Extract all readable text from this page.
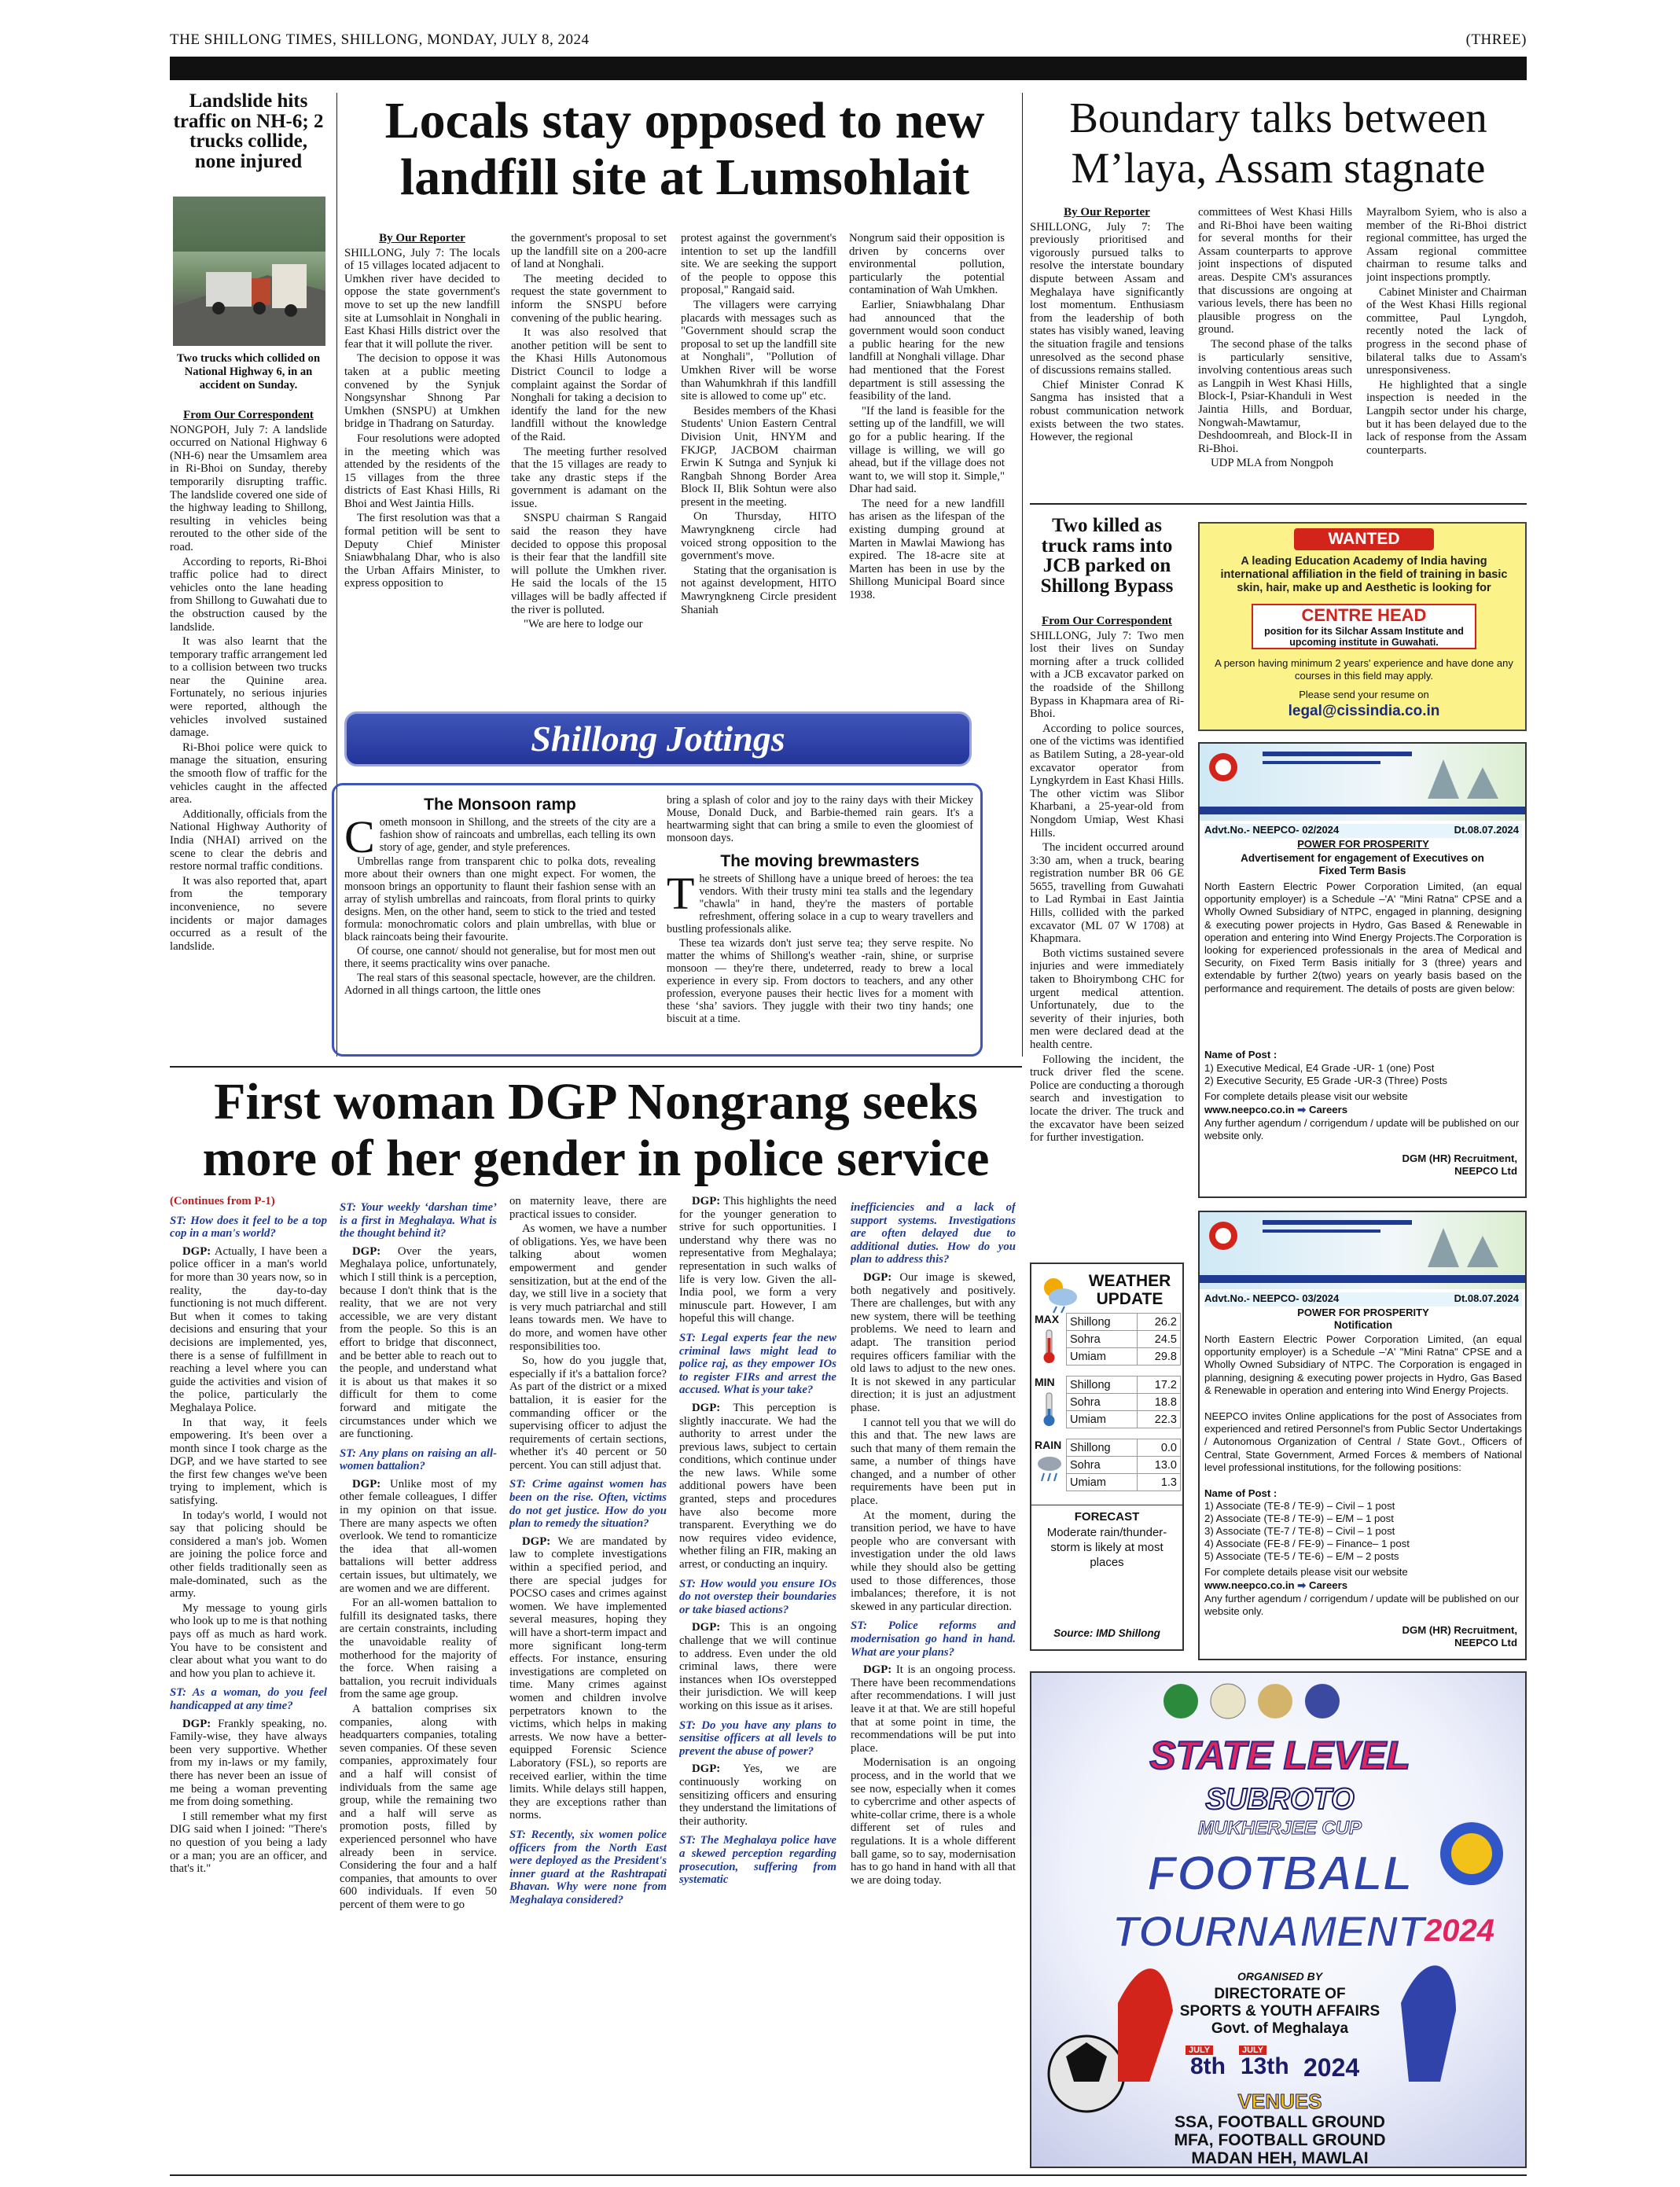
THE SHILLONG TIMES, SHILLONG, MONDAY, JULY 8, 2024	(THREE)
Landslide hits traffic on NH-6; 2 trucks collide, none injured
Two trucks which collided on National Highway 6, in an accident on Sunday.

From Our Correspondent

NONGPOH, July 7: A landslide occurred on National Highway 6 (NH-6) near the Umsamlem area in Ri-Bhoi on Sunday, thereby temporarily disrupting traffic. The landslide covered one side of the highway leading to Shillong, resulting in vehicles being rerouted to the other side of the road.

According to reports, Ri-Bhoi traffic police had to direct vehicles onto the lane heading from Shillong to Guwahati due to the obstruction caused by the landslide.

It was also learnt that the temporary traffic arrangement led to a collision between two trucks near the Quinine area. Fortunately, no serious injuries were reported, although the vehicles involved sustained damage.

Ri-Bhoi police were quick to manage the situation, ensuring the smooth flow of traffic for the vehicles caught in the affected area.

Additionally, officials from the National Highway Authority of India (NHAI) arrived on the scene to clear the debris and restore normal traffic conditions.

It was also reported that, apart from the temporary inconvenience, no severe incidents or major damages occurred as a result of the landslide.

Locals stay opposed to new landfill site at Lumsohlait

By Our Reporter

SHILLONG, July 7: The locals of 15 villages located adjacent to Umkhen river have decided to oppose the state government's move to set up the new landfill site at Lumsohlait in Nonghali in East Khasi Hills district over the fear that it will pollute the river.

The decision to oppose it was taken at a public meeting convened by the Synjuk Nongsynshar Shnong Par Umkhen (SNSPU) at Umkhen bridge in Thadrang on Saturday.

Four resolutions were adopted in the meeting which was attended by the residents of the 15 villages from the three districts of East Khasi Hills, Ri Bhoi and West Jaintia Hills.

The first resolution was that a formal petition will be sent to Deputy Chief Minister Sniawbhalang Dhar, who is also the Urban Affairs Minister, to express opposition to

the government's proposal to set up the landfill site on a 200-acre of land at Nonghali.

The meeting decided to request the state government to inform the SNSPU before convening of the public hearing.

It was also resolved that another petition will be sent to the Khasi Hills Autonomous District Council to lodge a complaint against the Sordar of Nonghali for taking a decision to identify the land for the new landfill without the knowledge of the Raid.

The meeting further resolved that the 15 villages are ready to take any drastic steps if the government is adamant on the issue.

SNSPU chairman S Rangaid said the reason they have decided to oppose this proposal is their fear that the landfill site will pollute the Umkhen river. He said the locals of the 15 villages will be badly affected if the river is polluted.

"We are here to lodge our

protest against the government's intention to set up the landfill site. We are seeking the support of the people to oppose this proposal," Rangaid said.

The villagers were carrying placards with messages such as "Government should scrap the proposal to set up the landfill site at Nonghali", "Pollution of Umkhen River will be worse than Wahumkhrah if this landfill site is allowed to come up" etc.

Besides members of the Khasi Students' Union Eastern Central Division Unit, HNYM and FKJGP, JACBOM chairman Erwin K Sutnga and Synjuk ki Rangbah Shnong Border Area Block II, Blik Sohtun were also present in the meeting.

On Thursday, HITO Mawryngkneng circle had voiced strong opposition to the government's move.

Stating that the organisation is not against development, HITO Mawryngkneng Circle president Shaniah

Nongrum said their opposition is driven by concerns over environmental pollution, particularly the potential contamination of Wah Umkhen.

Earlier, Sniawbhalang Dhar had announced that the government would soon conduct a public hearing for the new landfill at Nonghali village. Dhar had mentioned that the Forest department is still assessing the feasibility of the land.

"If the land is feasible for the setting up of the landfill, we will go for a public hearing. If the village is willing, we will go ahead, but if the village does not want to, we will stop it. Simple," Dhar had said.

The need for a new landfill has arisen as the lifespan of the existing dumping ground at Marten in Mawlai Mawiong has expired. The 18-acre site at Marten has been in use by the Shillong Municipal Board since 1938.

Boundary talks between M’laya, Assam stagnate

By Our Reporter

SHILLONG, July 7: The previously prioritised and vigorously pursued talks to resolve the interstate boundary dispute between Assam and Meghalaya have significantly lost momentum. Enthusiasm from the leadership of both states has visibly waned, leaving the situation fragile and tensions unresolved as the second phase of discussions remains stalled.

Chief Minister Conrad K Sangma has insisted that a robust communication network exists between the two states. However, the regional

committees of West Khasi Hills and Ri-Bhoi have been waiting for several months for their Assam counterparts to approve joint inspections of disputed areas. Despite CM's assurances that discussions are ongoing at various levels, there has been no plausible progress on the ground.

The second phase of the talks is particularly sensitive, involving contentious areas such as Langpih in West Khasi Hills, Block-I, Psiar-Khanduli in West Jaintia Hills, and Borduar, Nongwah-Mawtamur, Deshdoomreah, and Block-II in Ri-Bhoi.

UDP MLA from Nongpoh

Mayralbom Syiem, who is also a member of the Ri-Bhoi district regional committee, has urged the Assam regional committee chairman to resume talks and joint inspections promptly.

Cabinet Minister and Chairman of the West Khasi Hills regional committee, Paul Lyngdoh, recently noted the lack of progress in the second phase of bilateral talks due to Assam's unresponsiveness.

He highlighted that a single inspection is needed in the Langpih sector under his charge, but it has been delayed due to the lack of response from the Assam counterparts.

Two killed as truck rams into JCB parked on Shillong Bypass

From Our Correspondent

SHILLONG, July 7: Two men lost their lives on Sunday morning after a truck collided with a JCB excavator parked on the roadside of the Shillong Bypass in Khapmara area of Ri-Bhoi.

According to police sources, one of the victims was identified as Batilem Suting, a 28-year-old excavator operator from Lyngkyrdem in East Khasi Hills. The other victim was Slibor Kharbani, a 25-year-old from Nongdom Umiap, West Khasi Hills.

The incident occurred around 3:30 am, when a truck, bearing registration number BR 06 GE 5655, travelling from Guwahati to Lad Rymbai in East Jaintia Hills, collided with the parked excavator (ML 07 W 1708) at Khapmara.

Both victims sustained severe injuries and were immediately taken to Bhoirymbong CHC for urgent medical attention. Unfortunately, due to the severity of their injuries, both men were declared dead at the health centre.

Following the incident, the truck driver fled the scene. Police are conducting a thorough search and investigation to locate the driver. The truck and the excavator have been seized for further investigation.

Shillong Jottings
The Monsoon ramp
C ometh monsoon in Shillong, and the streets of the city are a fashion show of raincoats and umbrellas, each telling its own story of age, gender, and style preferences.

Umbrellas range from transparent chic to polka dots, revealing more about their owners than one might expect. For women, the monsoon brings an opportunity to flaunt their fashion sense with an array of stylish umbrellas and raincoats, from floral prints to quirky designs. Men, on the other hand, seem to stick to the tried and tested formula: monochromatic colors and plain umbrellas, with blue or black raincoats being their favourite.

Of course, one cannot/ should not generalise, but for most men out there, it seems practicality wins over panache.

The real stars of this seasonal spectacle, however, are the children. Adorned in all things cartoon, the little ones

bring a splash of color and joy to the rainy days with their Mickey Mouse, Donald Duck, and Barbie-themed rain gears. It's a heartwarming sight that can bring a smile to even the gloomiest of monsoon days.

The moving brewmasters
T he streets of Shillong have a unique breed of heroes: the tea vendors. With their trusty mini tea stalls and the legendary "chawla" in hand, they're the masters of portable refreshment, offering solace in a cup to weary travellers and bustling professionals alike.

These tea wizards don't just serve tea; they serve respite. No matter the whims of Shillong's weather -rain, shine, or surprise monsoon — they're there, undeterred, ready to brew a local experience in every sip. From doctors to teachers, and any other profession, everyone pauses their hectic lives for a moment with these ‘sha’ saviors. They juggle with their two tiny hands; one biscuit at a time.

First woman DGP Nongrang seeks more of her gender in police service

(Continues from P-1)

ST: How does it feel to be a top cop in a man's world?

DGP: Actually, I have been a police officer in a man's world for more than 30 years now, so in reality, the day-to-day functioning is not much different. But when it comes to taking decisions and ensuring that your decisions are implemented, yes, there is a sense of fulfillment in reaching a level where you can guide the activities and vision of the police, particularly the Meghalaya Police.

In that way, it feels empowering. It's been over a month since I took charge as the DGP, and we have started to see the first few changes we've been trying to implement, which is satisfying.

In today's world, I would not say that policing should be considered a man's job. Women are joining the police force and other fields traditionally seen as male-dominated, such as the army.

My message to young girls who look up to me is that nothing pays off as much as hard work. You have to be consistent and clear about what you want to do and how you plan to achieve it.

ST: As a woman, do you feel handicapped at any time?

DGP: Frankly speaking, no. Family-wise, they have always been very supportive. Whether from my in-laws or my family, there has never been an issue of me being a woman preventing me from doing something.

I still remember what my first DIG said when I joined: "There's no question of you being a lady or a man; you are an officer, and that's it."

ST: Your weekly ‘darshan time’ is a first in Meghalaya. What is the thought behind it?

DGP: Over the years, Meghalaya police, unfortunately, which I still think is a perception, because I don't think that is the reality, that we are not very accessible, we are very distant from the people. So this is an effort to bridge that disconnect, and be better able to reach out to the people, and understand what it is about us that makes it so difficult for them to come forward and mitigate the circumstances under which we are functioning.

ST: Any plans on raising an all-women battalion?

DGP: Unlike most of my other female colleagues, I differ in my opinion on that issue. There are many aspects we often overlook. We tend to romanticize the idea that all-women battalions will better address certain issues, but ultimately, we are women and we are different.

For an all-women battalion to fulfill its designated tasks, there are certain constraints, including the unavoidable reality of motherhood for the majority of the force. When raising a battalion, you recruit individuals from the same age group.

A battalion comprises six companies, along with headquarters companies, totaling seven companies. Of these seven companies, approximately four and a half will consist of individuals from the same age group, while the remaining two and a half will serve as promotion posts, filled by experienced personnel who have already been in service. Considering the four and a half companies, that amounts to over 600 individuals. If even 50 percent of them were to go

on maternity leave, there are practical issues to consider.

As women, we have a number of obligations. Yes, we have been talking about women empowerment and gender sensitization, but at the end of the day, we still live in a society that is very much patriarchal and still leans towards men. We have to do more, and women have other responsibilities too.

So, how do you juggle that, especially if it's a battalion force? As part of the district or a mixed battalion, it is easier for the commanding officer or the supervising officer to adjust the requirements of certain sections, whether it's 40 percent or 50 percent. You can still adjust that.

ST: Crime against women has been on the rise. Often, victims do not get justice. How do you plan to remedy the situation?

DGP: We are mandated by law to complete investigations within a specified period, and there are special judges for POCSO cases and crimes against women. We have implemented several measures, hoping they will have a short-term impact and more significant long-term effects. For instance, ensuring investigations are completed on time. Many crimes against women and children involve perpetrators known to the victims, which helps in making arrests. We now have a better-equipped Forensic Science Laboratory (FSL), so reports are received earlier, within the time limits. While delays still happen, they are exceptions rather than norms.

ST: Recently, six women police officers from the North East were deployed as the President's inner guard at the Rashtrapati Bhavan. Why were none from Meghalaya considered?

DGP: This highlights the need for the younger generation to strive for such opportunities. I understand why there was no representative from Meghalaya; representation in such walks of life is very low. Given the all-India pool, we form a very minuscule part. However, I am hopeful this will change.

ST: Legal experts fear the new criminal laws might lead to police raj, as they empower IOs to register FIRs and arrest the accused. What is your take?

DGP: This perception is slightly inaccurate. We had the authority to arrest under the previous laws, subject to certain conditions, which continue under the new laws. While some additional powers have been granted, steps and procedures have also become more transparent. Everything we do now requires video evidence, whether filing an FIR, making an arrest, or conducting an inquiry.

ST: How would you ensure IOs do not overstep their boundaries or take biased actions?

DGP: This is an ongoing challenge that we will continue to address. Even under the old criminal laws, there were instances when IOs overstepped their jurisdiction. We will keep working on this issue as it arises.

ST: Do you have any plans to sensitise officers at all levels to prevent the abuse of power?

DGP: Yes, we are continuously working on sensitizing officers and ensuring they understand the limitations of their authority.

ST: The Meghalaya police have a skewed perception regarding prosecution, suffering from systematic

inefficiencies and a lack of support systems. Investigations are often delayed due to additional duties. How do you plan to address this?

DGP: Our image is skewed, both negatively and positively. There are challenges, but with any new system, there will be teething problems. We need to learn and adapt. The transition period requires officers familiar with the old laws to adjust to the new ones. It is not skewed in any particular direction; it is just an adjustment phase.

I cannot tell you that we will do this and that. The new laws are such that many of them remain the same, a number of things have changed, and a number of other requirements have been put in place.

At the moment, during the transition period, we have to have people who are conversant with investigation under the old laws while they should also be getting used to those differences, those imbalances; therefore, it is not skewed in any particular direction.

ST: Police reforms and modernisation go hand in hand. What are your plans?

DGP: It is an ongoing process. There have been recommendations after recommendations. I will just leave it at that. We are still hopeful that at some point in time, the recommendations will be put into place.

Modernisation is an ongoing process, and in the world that we see now, especially when it comes to cybercrime and other aspects of white-collar crime, there is a whole different set of rules and regulations. It is a whole different ball game, so to say, modernisation has to go hand in hand with all that we are doing today.

WANTED
A leading Education Academy of India having international affiliation in the field of training in basic skin, hair, make up and Aesthetic is looking for
CENTRE HEAD
position for its Silchar Assam Institute and upcoming institute in Guwahati.
A person having minimum 2 years' experience and have done any courses in this field may apply.
Please send your resume on
legal@cissindia.co.in
Advt.No.- NEEPCO- 02/2024	Dt.08.07.2024
POWER FOR PROSPERITY
Advertisement for engagement of Executives on Fixed Term Basis
North Eastern Electric Power Corporation Limited, (an equal opportunity employer) is a Schedule –'A' "Mini Ratna" CPSE and a Wholly Owned Subsidiary of NTPC, engaged in planning, designing & executing power projects in Hydro, Gas Based & Renewable in operation and entering into Wind Energy Projects.The Corporation is looking for experienced professionals in the area of Medical and Security, on Fixed Term Basis initially for 3 (three) years and extendable by further 2(two) years on yearly basis based on the performance and requirement. The details of posts are given below:
Name of Post :
1) Executive Medical, E4 Grade -UR- 1 (one) Post
2) Executive Security, E5 Grade -UR-3 (Three) Posts
For complete details please visit our website
www.neepco.co.in ➡ Careers
Any further agendum / corrigendum / update will be published on our website only.
DGM (HR) Recruitment,
NEEPCO Ltd
Advt.No.- NEEPCO- 03/2024	Dt.08.07.2024
POWER FOR PROSPERITY
Notification
North Eastern Electric Power Corporation Limited, (an equal opportunity employer) is a Schedule –'A' "Mini Ratna" CPSE and a Wholly Owned Subsidiary of NTPC. The Corporation is engaged in planning, designing & executing power projects in Hydro, Gas Based & Renewable in operation and entering into Wind Energy Projects.
NEEPCO invites Online applications for the post of Associates from experienced and retired Personnel's from Public Sector Undertakings / Autonomous Organization of Central / State Govt., Officers of Central, State Government, Armed Forces & members of National level professional institutions, for the following positions:
Name of Post :
1) Associate (TE-8 / TE-9) – Civil – 1 post
2) Associate (TE-8 / TE-9) – E/M – 1 post
3) Associate (TE-7 / TE-8) – Civil – 1 post
4) Associate (FE-8 / FE-9) – Finance– 1 post
5) Associate (TE-5 / TE-6) – E/M – 2 posts
For complete details please visit our website
www.neepco.co.in ➡ Careers
Any further agendum / corrigendum / update will be published on our website only.
DGM (HR) Recruitment,
NEEPCO Ltd
WEATHER
UPDATE
MAX Shillong	26.2
Sohra	24.5
Umiam	29.8
MIN	Shillong	17.2
Sohra	18.8
Umiam	22.3
RAIN Shillong	0.0
Sohra	13.0
Umiam	1.3
FORECAST
Moderate rain/thunder-storm is likely at most places
Source: IMD Shillong
STATE LEVEL
SUBROTO
MUKHERJEE CUP
FOOTBALL
TOURNAMENT 2024
ORGANISED BY
DIRECTORATE OF
SPORTS & YOUTH AFFAIRS
Govt. of Meghalaya
JULY
8th
JULY
13th 2024
VENUES
SSA, FOOTBALL GROUND
MFA, FOOTBALL GROUND
MADAN HEH, MAWLAI
